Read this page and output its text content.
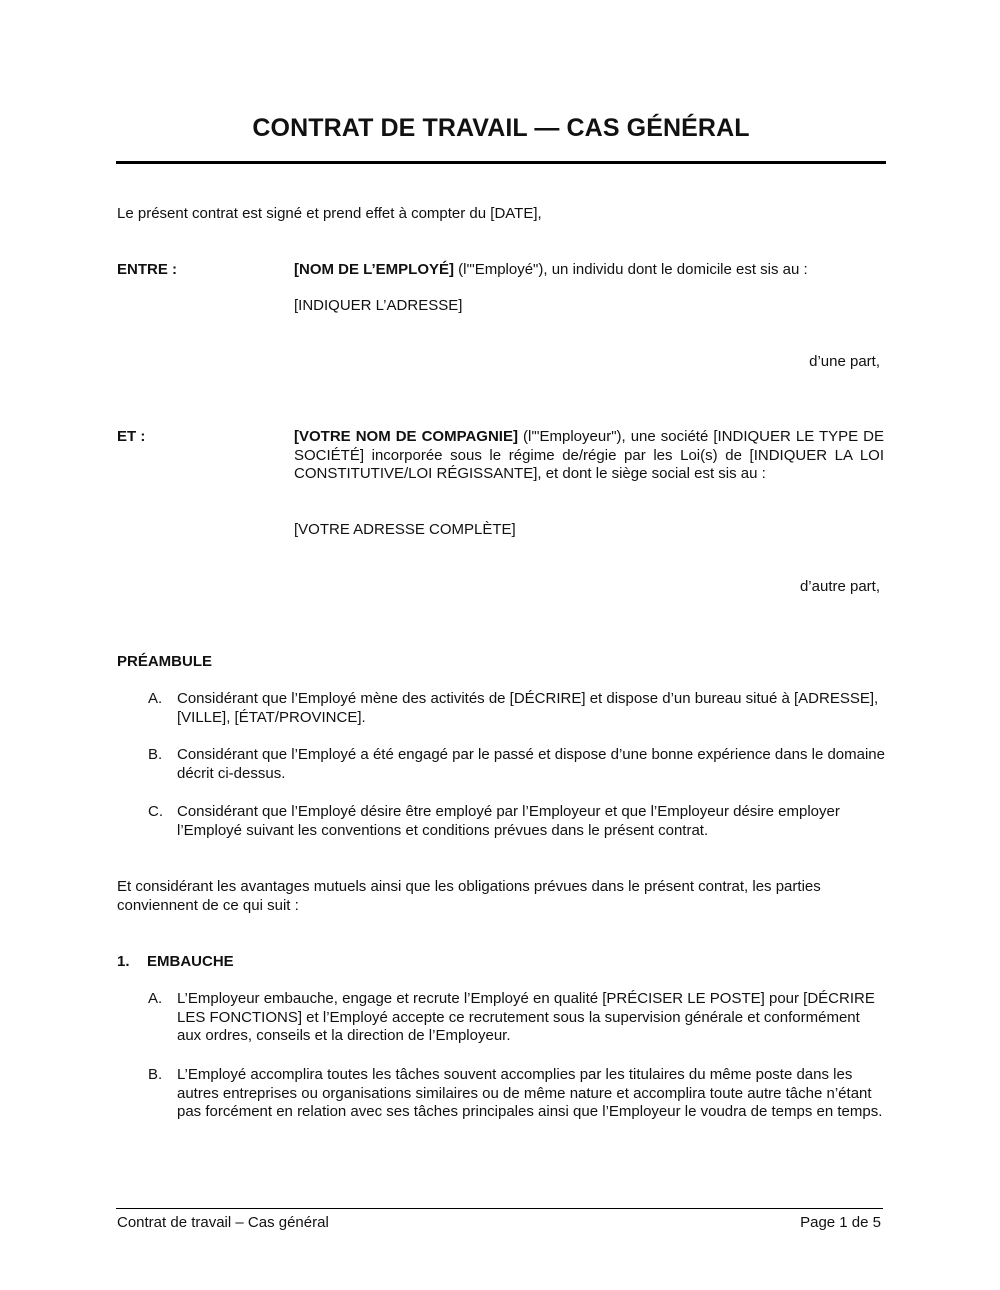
CONTRAT DE TRAVAIL — CAS GÉNÉRAL
Le présent contrat est signé et prend effet à compter du [DATE],
ENTRE :	[NOM DE L’EMPLOYÉ] (l'"Employé"), un individu dont le domicile est sis au :
[INDIQUER L’ADRESSE]
d’une part,
ET :	[VOTRE NOM DE COMPAGNIE] (l'"Employeur"), une société [INDIQUER LE TYPE DE SOCIÉTÉ] incorporée sous le régime de/régie par les Loi(s) de [INDIQUER LA LOI CONSTITUTIVE/LOI RÉGISSANTE], et dont le siège social est sis au :
[VOTRE ADRESSE COMPLÈTE]
d’autre part,
PRÉAMBULE
A. Considérant que l’Employé mène des activités de [DÉCRIRE] et dispose d’un bureau situé à [ADRESSE], [VILLE], [ÉTAT/PROVINCE].
B. Considérant que l’Employé a été engagé par le passé et dispose d’une bonne expérience dans le domaine décrit ci-dessus.
C. Considérant que l’Employé désire être employé par l’Employeur et que l’Employeur désire employer l’Employé suivant les conventions et conditions prévues dans le présent contrat.
Et considérant les avantages mutuels ainsi que les obligations prévues dans le présent contrat, les parties conviennent de ce qui suit :
1. EMBAUCHE
A. L’Employeur embauche, engage et recrute l’Employé en qualité [PRÉCISER LE POSTE] pour [DÉCRIRE LES FONCTIONS] et l’Employé accepte ce recrutement sous la supervision générale et conformément aux ordres, conseils et la direction de l’Employeur.
B. L’Employé accomplira toutes les tâches souvent accomplies par les titulaires du même poste dans les autres entreprises ou organisations similaires ou de même nature et accomplira toute autre tâche n’étant pas forcément en relation avec ses tâches principales ainsi que l’Employeur le voudra de temps en temps.
Contrat de travail – Cas général	Page 1 de 5
